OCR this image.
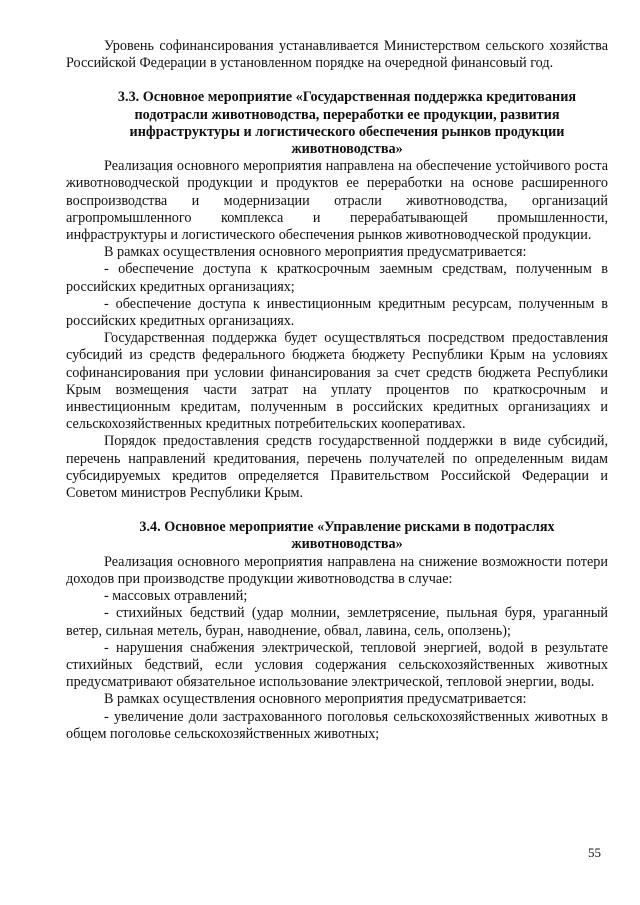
Уровень софинансирования устанавливается Министерством сельского хозяйства Российской Федерации в установленном порядке на очередной финансовый год.

3.3. Основное мероприятие «Государственная поддержка кредитования подотрасли животноводства, переработки ее продукции, развития инфраструктуры и логистического обеспечения рынков продукции животноводства»

Реализация основного мероприятия направлена на обеспечение устойчивого роста животноводческой продукции и продуктов ее переработки на основе расширенного воспроизводства и модернизации отрасли животноводства, организаций агропромышленного комплекса и перерабатывающей промышленности, инфраструктуры и логистического обеспечения рынков животноводческой продукции.

В рамках осуществления основного мероприятия предусматривается:

- обеспечение доступа к краткосрочным заемным средствам, полученным в российских кредитных организациях;

- обеспечение доступа к инвестиционным кредитным ресурсам, полученным в российских кредитных организациях.

Государственная поддержка будет осуществляться посредством предоставления субсидий из средств федерального бюджета бюджету Республики Крым на условиях софинансирования при условии финансирования за счет средств бюджета Республики Крым возмещения части затрат на уплату процентов по краткосрочным и инвестиционным кредитам, полученным в российских кредитных организациях и сельскохозяйственных кредитных потребительских кооперативах.

Порядок предоставления средств государственной поддержки в виде субсидий, перечень направлений кредитования, перечень получателей по определенным видам субсидируемых кредитов определяется Правительством Российской Федерации и Советом министров Республики Крым.

3.4. Основное мероприятие «Управление рисками в подотраслях животноводства»

Реализация основного мероприятия направлена на снижение возможности потери доходов при производстве продукции животноводства в случае:

- массовых отравлений;

- стихийных бедствий (удар молнии, землетрясение, пыльная буря, ураганный ветер, сильная метель, буран, наводнение, обвал, лавина, сель, оползень);

- нарушения снабжения электрической, тепловой энергией, водой в результате стихийных бедствий, если условия содержания сельскохозяйственных животных предусматривают обязательное использование электрической, тепловой энергии, воды.

В рамках осуществления основного мероприятия предусматривается:

- увеличение доли застрахованного поголовья сельскохозяйственных животных в общем поголовье сельскохозяйственных животных;

55
